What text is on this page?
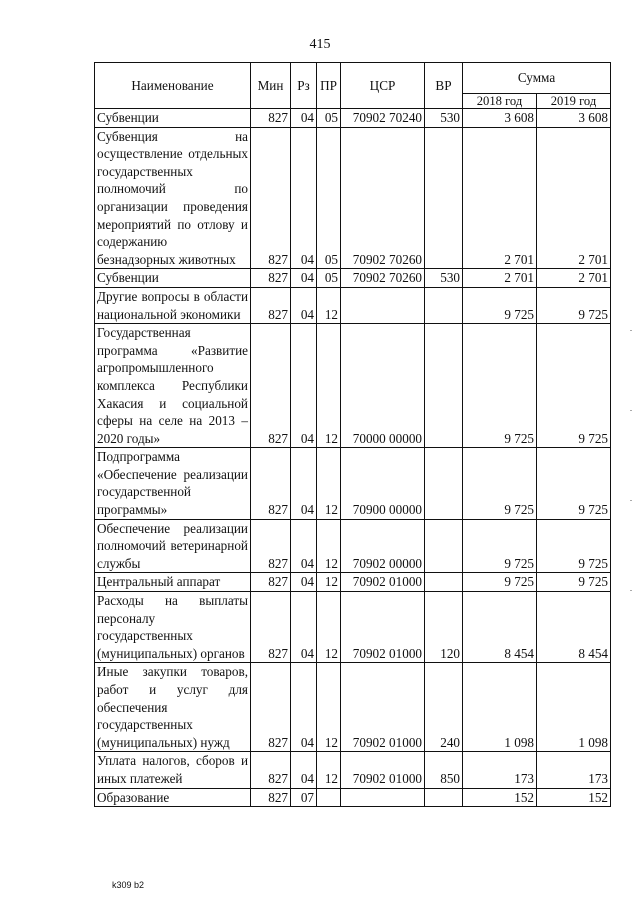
415
Наименование	Мин	Рз	ПР	ЦСР	ВР	Сумма	
						2018 год	2019 год
Субвенции	827	04	05	70902 70240	530	3 608	3 608
Субвенция на осуществление отдельных государственных полномочий по организации проведения мероприятий по отлову и содержанию безнадзорных животных	827	04	05	70902 70260		2 701	2 701
Субвенции	827	04	05	70902 70260	530	2 701	2 701
Другие вопросы в области национальной экономики	827	04	12			9 725	9 725
Государственная программа «Развитие агропромышленного комплекса Республики Хакасия и социальной сферы на селе на 2013 – 2020 годы»	827	04	12	70000 00000		9 725	9 725
Подпрограмма «Обеспечение реализации государственной программы»	827	04	12	70900 00000		9 725	9 725
Обеспечение реализации полномочий ветеринарной службы	827	04	12	70902 00000		9 725	9 725
Центральный аппарат	827	04	12	70902 01000		9 725	9 725
Расходы на выплаты персоналу государственных (муниципальных) органов	827	04	12	70902 01000	120	8 454	8 454
Иные закупки товаров, работ и услуг для обеспечения государственных (муниципальных) нужд	827	04	12	70902 01000	240	1 098	1 098
Уплата налогов, сборов и иных платежей	827	04	12	70902 01000	850	173	173
Образование	827	07				152	152
k309 b2
